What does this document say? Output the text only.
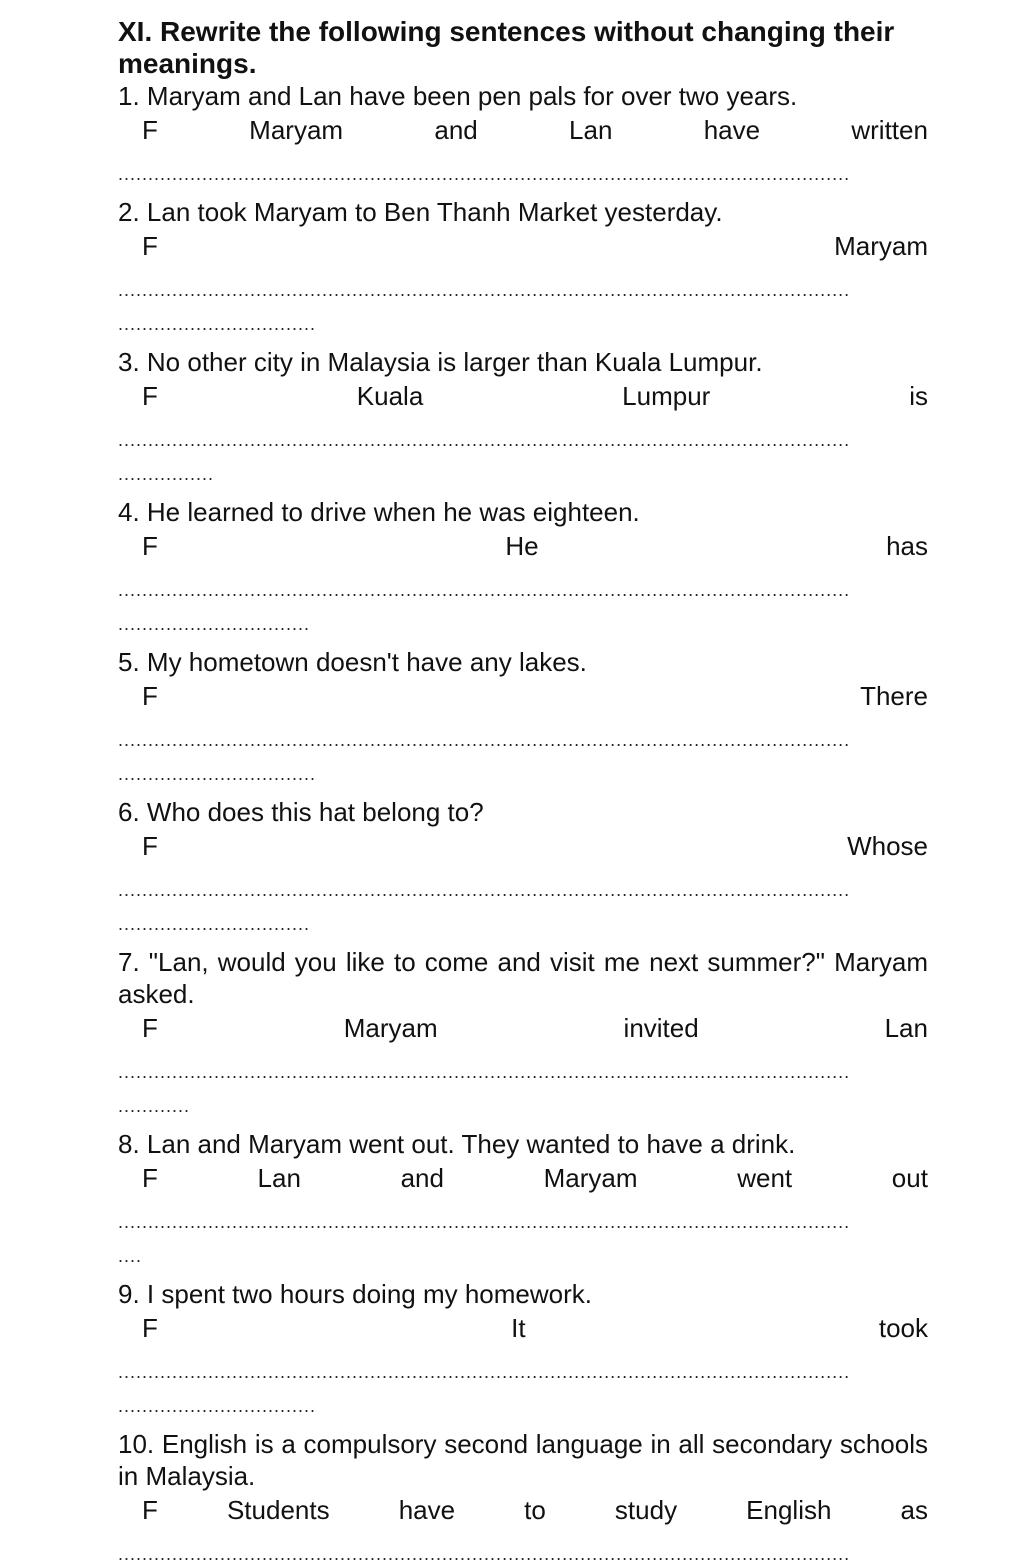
XI. Rewrite the following sentences without changing their meanings.

1. Maryam and Lan have been pen pals for over two years.

F	Maryam	and	Lan	have	written

..........................................................................................................................

2. Lan took Maryam to Ben Thanh Market yesterday.

F	Maryam

..........................................................................................................................

.................................

3. No other city in Malaysia is larger than Kuala Lumpur.

F	Kuala	Lumpur	is

..........................................................................................................................

................

4. He learned to drive when he was eighteen.

F	He	has

..........................................................................................................................

................................

5. My hometown doesn't have any lakes.

F	There

..........................................................................................................................

.................................

6. Who does this hat belong to?

F	Whose

..........................................................................................................................

................................

7. "Lan, would you like to come and visit me next summer?" Maryam asked.

F	Maryam	invited	Lan

..........................................................................................................................

............

8. Lan and Maryam went out. They wanted to have a drink.

F	Lan	and	Maryam	went	out

..........................................................................................................................

....

9. I spent two hours doing my homework.

F	It	took

..........................................................................................................................

.................................

10. English is a compulsory second language in all secondary schools in Malaysia.

F	Students	have	to	study	English	as

..........................................................................................................................
